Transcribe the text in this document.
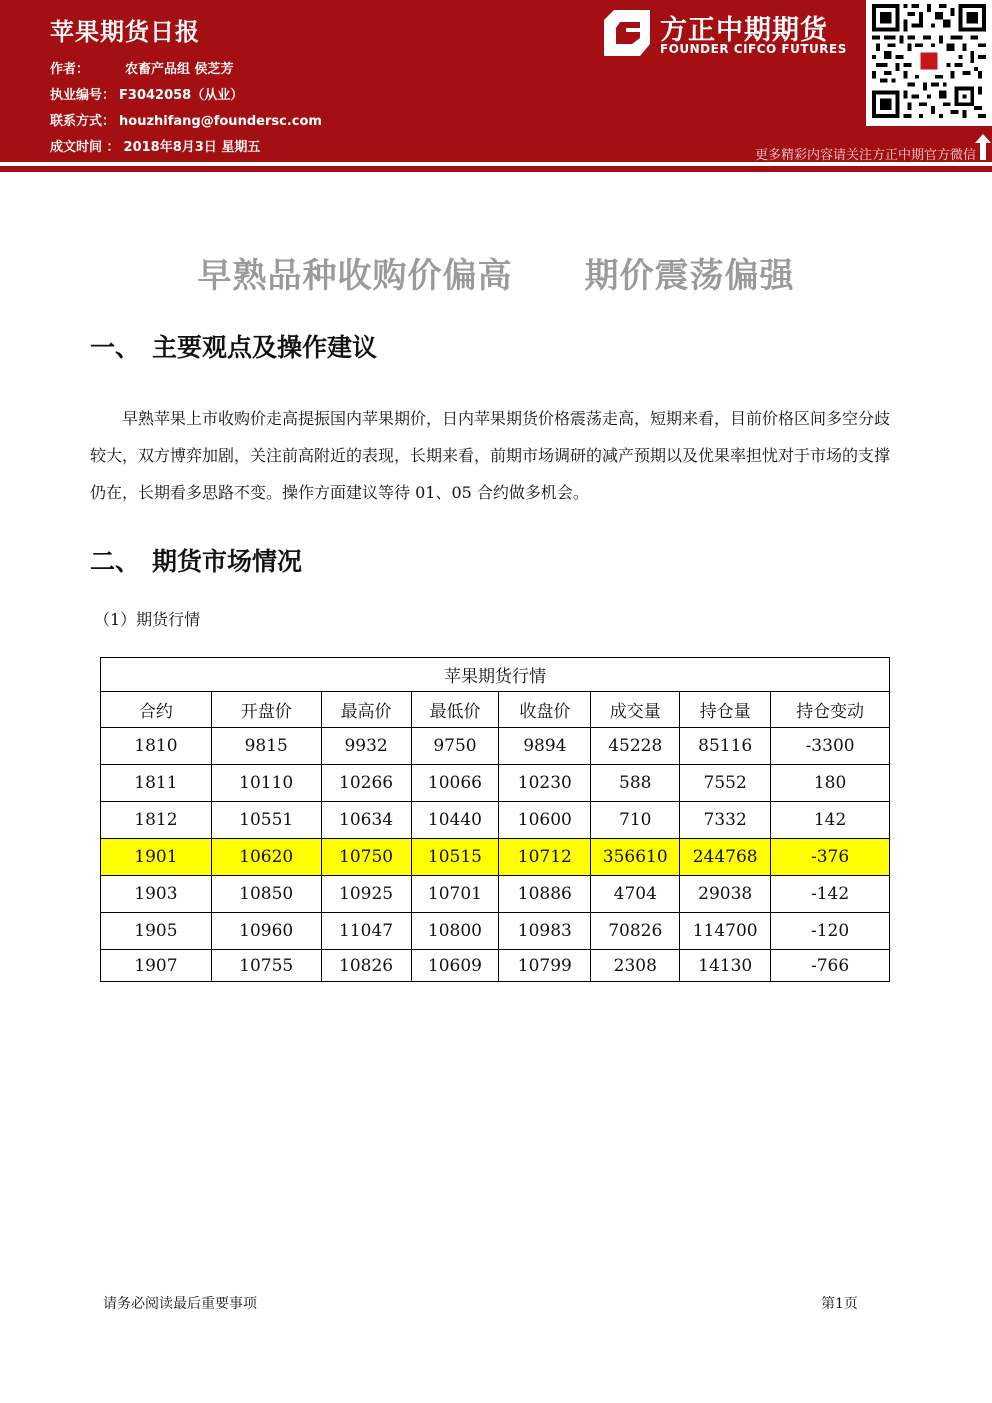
苹果期货日报
作者：	农畜产品组 侯芝芳
执业编号： F3042058（从业）
联系方式： houzhifang@foundersc.com
成文时间 ： 2018年8月3日 星期五
方正中期期货
FOUNDER CIFCO FUTURES
更多精彩内容请关注方正中期官方微信
早熟品种收购价偏高 期价震荡偏强
一、 主要观点及操作建议

早熟苹果上市收购价走高提振国内苹果期价，日内苹果期货价格震荡走高，短期来看，目前价格区间多空分歧较大，双方博弈加剧，关注前高附近的表现，长期来看，前期市场调研的减产预期以及优果率担忧对于市场的支撑仍在，长期看多思路不变。操作方面建议等待 01、05 合约做多机会。

二、 期货市场情况
（1）期货行情
苹果期货行情							
合约	开盘价	最高价	最低价	收盘价	成交量	持仓量	持仓变动
1810	9815	9932	9750	9894	45228	85116	-3300
1811	10110	10266	10066	10230	588	7552	180
1812	10551	10634	10440	10600	710	7332	142
1901	10620	10750	10515	10712	356610	244768	-376
1903	10850	10925	10701	10886	4704	29038	-142
1905	10960	11047	10800	10983	70826	114700	-120
1907	10755	10826	10609	10799	2308	14130	-766
请务必阅读最后重要事项	第1页
